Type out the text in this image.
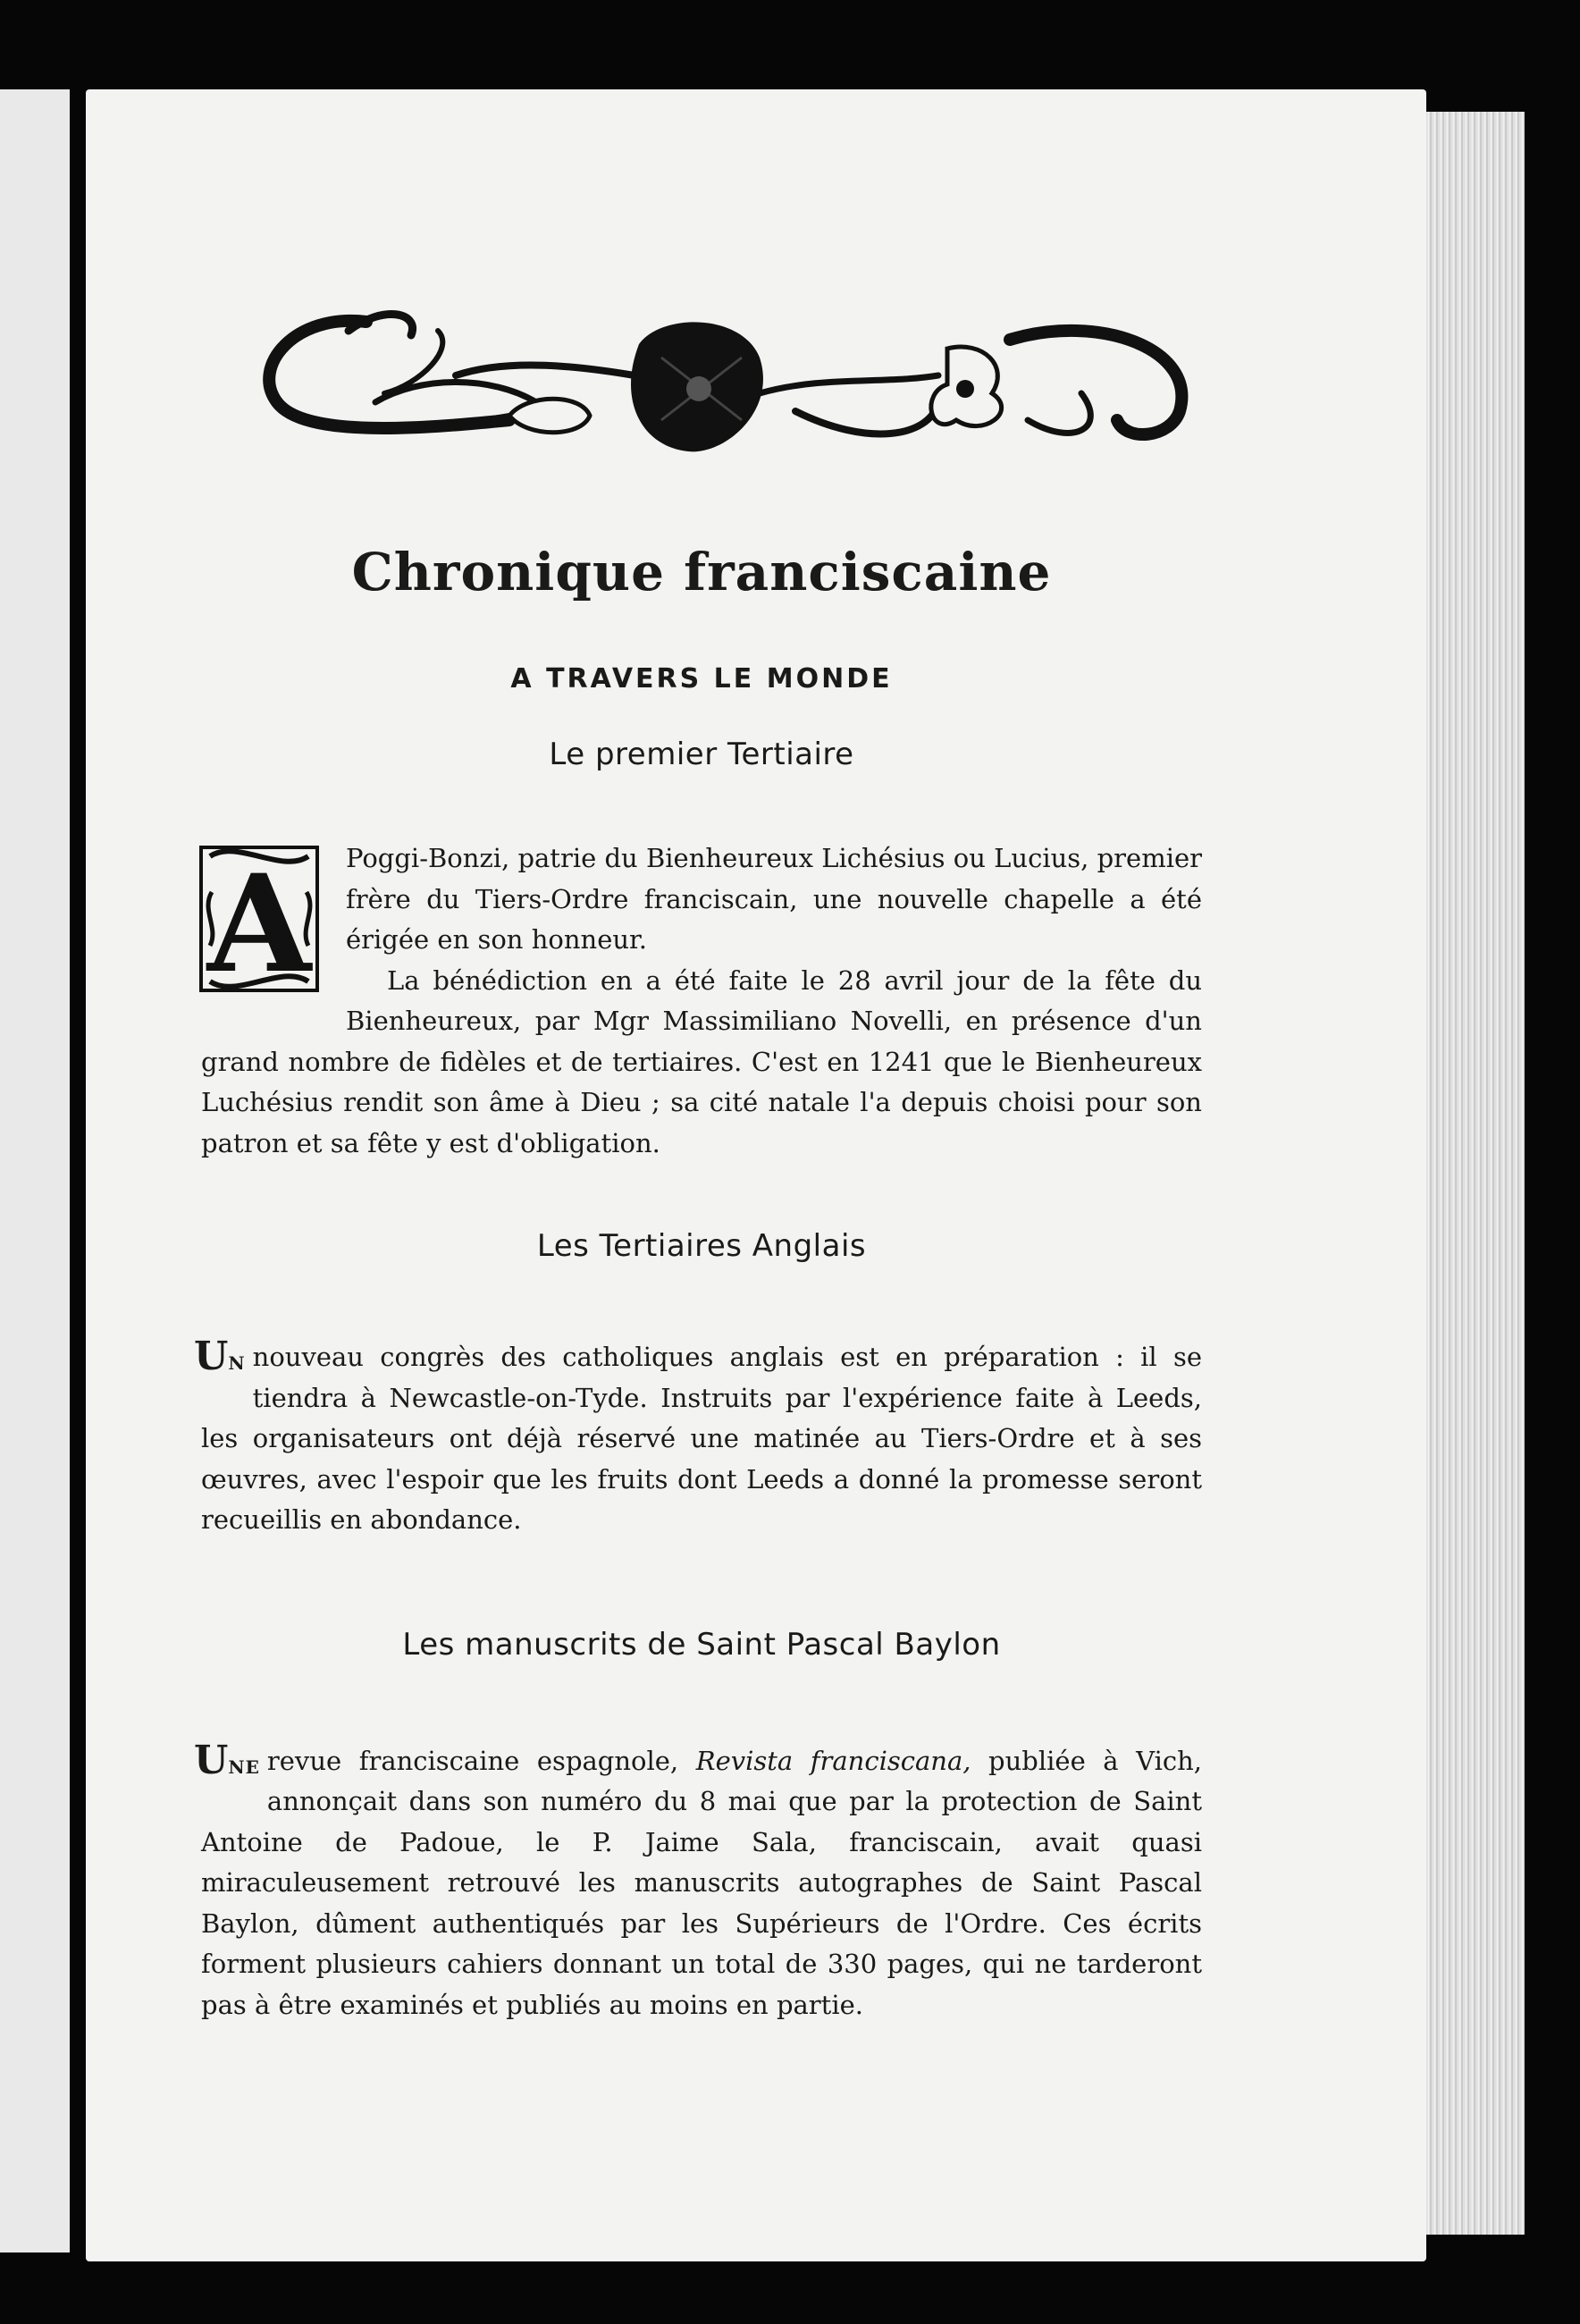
Chronique franciscaine
A TRAVERS LE MONDE
Le premier Tertiaire
A	Poggi-Bonzi, patrie du Bienheureux Lichésius ou Lucius, premier frère du Tiers-Ordre franciscain, une nouvelle chapelle a été érigée en son honneur.

La bénédiction en a été faite le 28 avril jour de la fête du Bienheureux, par Mgr Massimiliano Novelli, en présence d'un grand nombre de fidèles et de tertiaires. C'est en 1241 que le Bienheureux Luchésius rendit son âme à Dieu ; sa cité natale l'a depuis choisi pour son patron et sa fête y est d'obligation.

Les Tertiaires Anglais
UN nouveau congrès des catholiques anglais est en préparation : il se tiendra à Newcastle-on-Tyde. Instruits par l'expérience faite à Leeds, les organisateurs ont déjà réservé une matinée au Tiers-Ordre et à ses œuvres, avec l'espoir que les fruits dont Leeds a donné la promesse seront recueillis en abondance.

Les manuscrits de Saint Pascal Baylon
UNE revue franciscaine espagnole, Revista franciscana, publiée à Vich, annonçait dans son numéro du 8 mai que par la protection de Saint Antoine de Padoue, le P. Jaime Sala, franciscain, avait quasi miraculeusement retrouvé les manuscrits autographes de Saint Pascal Baylon, dûment authentiqués par les Supérieurs de l'Ordre. Ces écrits forment plusieurs cahiers donnant un total de 330 pages, qui ne tarderont pas à être examinés et publiés au moins en partie.
